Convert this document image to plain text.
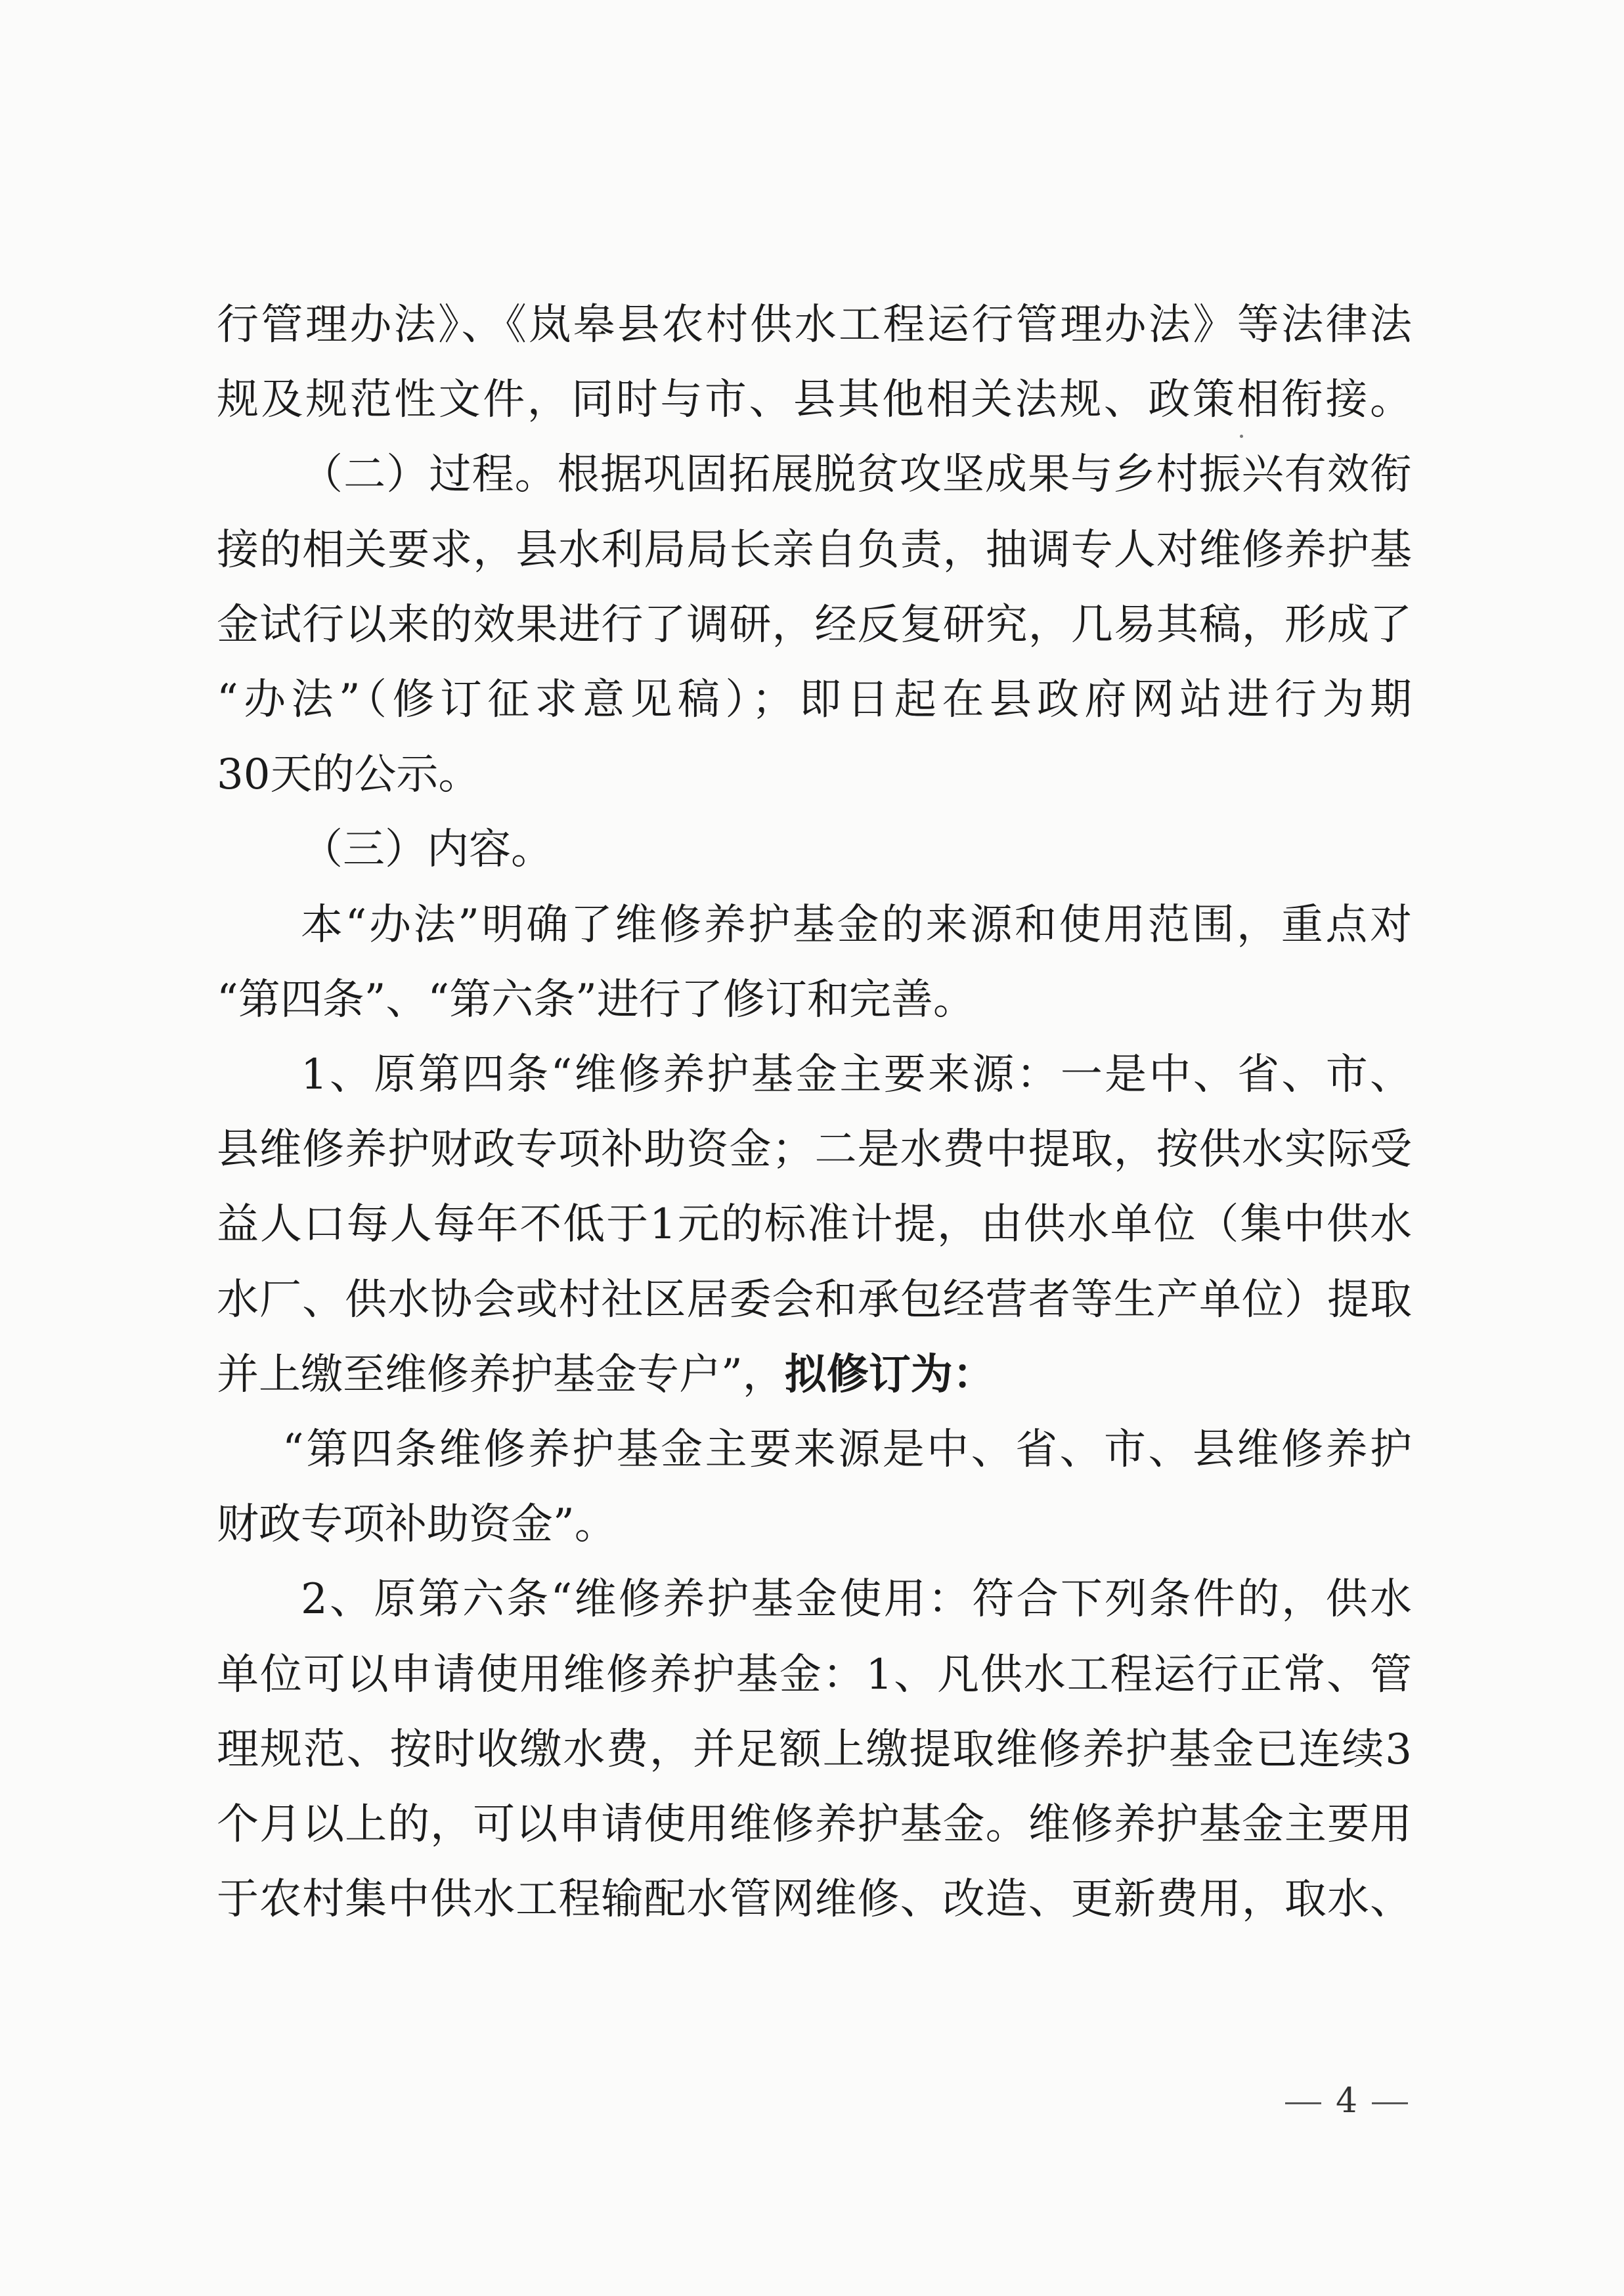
行管理办法》、《岚皋县农村供水工程运行管理办法》等法律法
规及规范性文件，同时与市、县其他相关法规、政策相衔接。
（二）过程。根据巩固拓展脱贫攻坚成果与乡村振兴有效衔
接的相关要求，县水利局局长亲自负责，抽调专人对维修养护基
金试行以来的效果进行了调研，经反复研究，几易其稿，形成了
“办法”（修订征求意见稿）；即日起在县政府网站进行为期
30天的公示。
（三）内容。
本“办法”明确了维修养护基金的来源和使用范围，重点对
“第四条”、“第六条”进行了修订和完善。
1、原第四条“维修养护基金主要来源：一是中、省、市、
县维修养护财政专项补助资金；二是水费中提取，按供水实际受
益人口每人每年不低于1元的标准计提，由供水单位（集中供水
水厂、供水协会或村社区居委会和承包经营者等生产单位）提取
并上缴至维修养护基金专户”，拟修订为：
“第四条维修养护基金主要来源是中、省、市、县维修养护
财政专项补助资金”。
2、原第六条“维修养护基金使用：符合下列条件的，供水
单位可以申请使用维修养护基金：1、凡供水工程运行正常、管
理规范、按时收缴水费，并足额上缴提取维修养护基金已连续3
个月以上的，可以申请使用维修养护基金。维修养护基金主要用
于农村集中供水工程输配水管网维修、改造、更新费用，取水、
4
